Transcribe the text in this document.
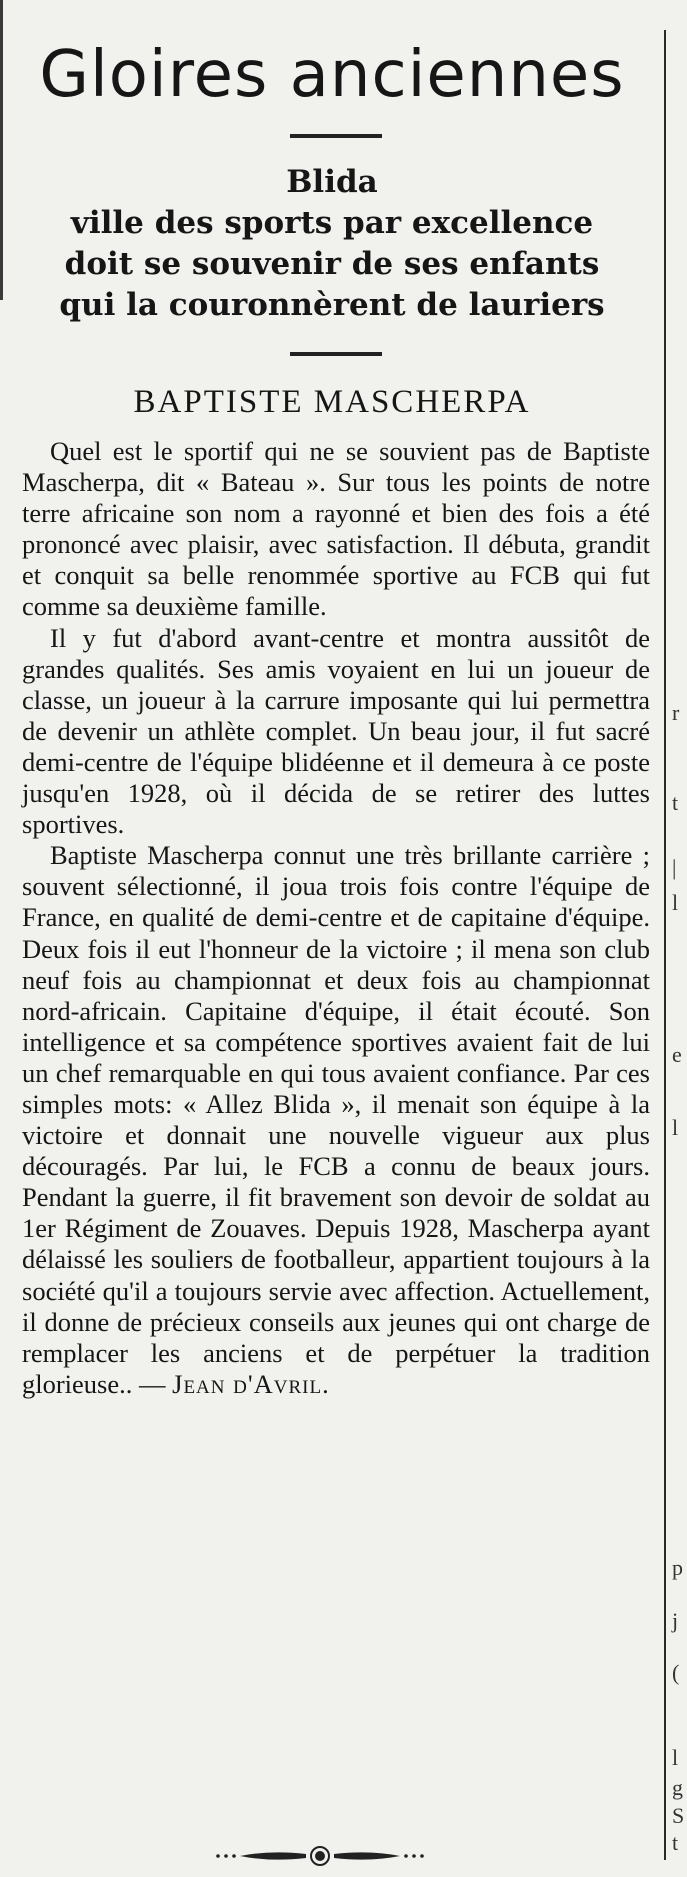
r
t
|
l
e
l
p
j
(
l
g
S
t
Gloires anciennes
Blida
ville des sports par excellence
doit se souvenir de ses enfants
qui la couronnèrent de lauriers
BAPTISTE MASCHERPA

Quel est le sportif qui ne se souvient pas de Baptiste Mascherpa, dit « Bateau ». Sur tous les points de notre terre africaine son nom a rayonné et bien des fois a été prononcé avec plaisir, avec satisfaction. Il débuta, grandit et conquit sa belle renommée sportive au FCB qui fut comme sa deuxième famille.

Il y fut d'abord avant-centre et montra aussitôt de grandes qualités. Ses amis voyaient en lui un joueur de classe, un joueur à la carrure imposante qui lui permettra de devenir un athlète complet. Un beau jour, il fut sacré demi-centre de l'équipe blidéenne et il demeura à ce poste jusqu'en 1928, où il décida de se retirer des luttes sportives.

Baptiste Mascherpa connut une très brillante carrière ; souvent sélectionné, il joua trois fois contre l'équipe de France, en qualité de demi-centre et de capitaine d'équipe. Deux fois il eut l'honneur de la victoire ; il mena son club neuf fois au championnat et deux fois au championnat nord-africain. Capitaine d'équipe, il était écouté. Son intelligence et sa compétence sportives avaient fait de lui un chef remarquable en qui tous avaient confiance. Par ces simples mots: « Allez Blida », il menait son équipe à la victoire et donnait une nouvelle vigueur aux plus découragés. Par lui, le FCB a connu de beaux jours. Pendant la guerre, il fit bravement son devoir de soldat au 1er Régiment de Zouaves. Depuis 1928, Mascherpa ayant délaissé les souliers de footballeur, appartient toujours à la société qu'il a toujours servie avec affection. Actuellement, il donne de précieux conseils aux jeunes qui ont charge de remplacer les anciens et de perpétuer la tradition glorieuse.. — Jean d'Avril.
